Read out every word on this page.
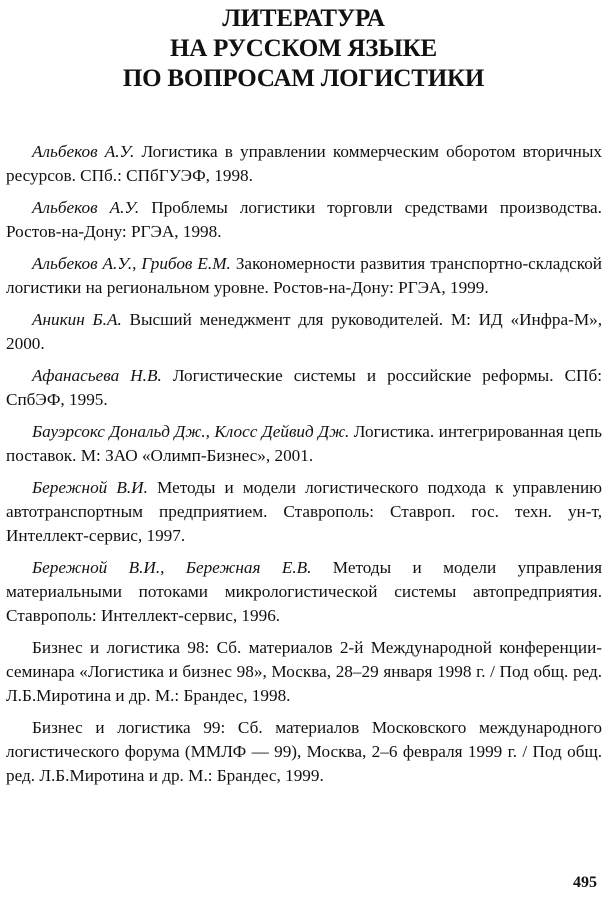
ЛИТЕРАТУРА
НА РУССКОМ ЯЗЫКЕ
ПО ВОПРОСАМ ЛОГИСТИКИ

Альбеков А.У. Логистика в управлении коммерческим оборотом вторичных ресурсов. СПб.: СПбГУЭФ, 1998.

Альбеков А.У. Проблемы логистики торговли средствами производства. Ростов-на-Дону: РГЭА, 1998.

Альбеков А.У., Грибов Е.М. Закономерности развития транспортно-складской логистики на региональном уровне. Ростов-на-Дону: РГЭА, 1999.

Аникин Б.А. Высший менеджмент для руководителей. М: ИД «Инфра-М», 2000.

Афанасьева Н.В. Логистические системы и российские реформы. СПб: СпбЭФ, 1995.

Бауэрсокс Дональд Дж., Клосс Дейвид Дж. Логистика. интегрированная цепь поставок. М: ЗАО «Олимп-Бизнес», 2001.

Бережной В.И. Методы и модели логистического подхода к управлению автотранспортным предприятием. Ставрополь: Ставроп. гос. техн. ун-т, Интеллект-сервис, 1997.

Бережной В.И., Бережная Е.В. Методы и модели управления материальными потоками микрологистической системы автопредприятия. Ставрополь: Интеллект-сервис, 1996.

Бизнес и логистика 98: Сб. материалов 2-й Международной конференции-семинара «Логистика и бизнес 98», Москва, 28–29 января 1998 г. / Под общ. ред. Л.Б.Миротина и др. М.: Брандес, 1998.

Бизнес и логистика 99: Сб. материалов Московского международного логистического форума (ММЛФ — 99), Москва, 2–6 февраля 1999 г. / Под общ. ред. Л.Б.Миротина и др. М.: Брандес, 1999.

495
